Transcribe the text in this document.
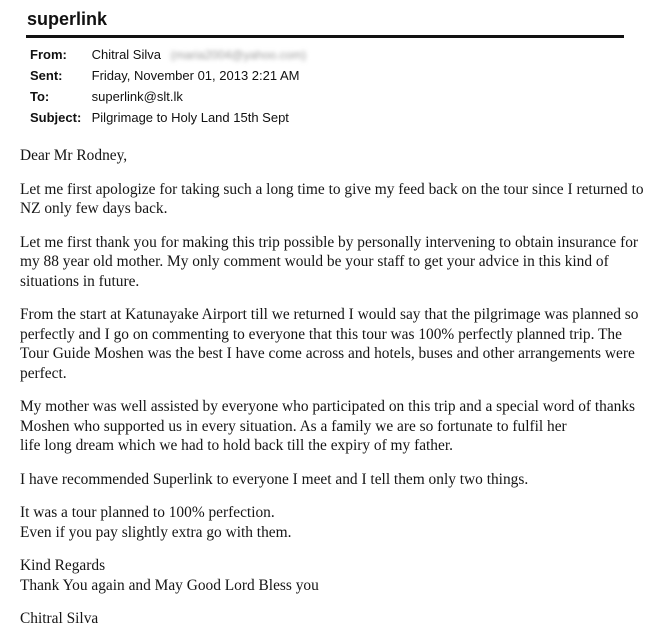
superlink
From: Chitral Silva (maria2004@yahoo.com)
Sent: Friday, November 01, 2013 2:21 AM
To:	superlink@slt.lk
Subject: Pilgrimage to Holy Land 15th Sept

Dear Mr Rodney,

Let me first apologize for taking such a long time to give my feed back on the tour since I returned to
NZ only few days back.

Let me first thank you for making this trip possible by personally intervening to obtain insurance for
my 88 year old mother. My only comment would be your staff to get your advice in this kind of
situations in future.

From the start at Katunayake Airport till we returned I would say that the pilgrimage was planned so
perfectly and I go on commenting to everyone that this tour was 100% perfectly planned trip. The
Tour Guide Moshen was the best I have come across and hotels, buses and other arrangements were
perfect.

My mother was well assisted by everyone who participated on this trip and a special word of thanks
Moshen who supported us in every situation. As a family we are so fortunate to fulfil her
life long dream which we had to hold back till the expiry of my father.

I have recommended Superlink to everyone I meet and I tell them only two things.

It was a tour planned to 100% perfection.
Even if you pay slightly extra go with them.

Kind Regards
Thank You again and May Good Lord Bless you

Chitral Silva
